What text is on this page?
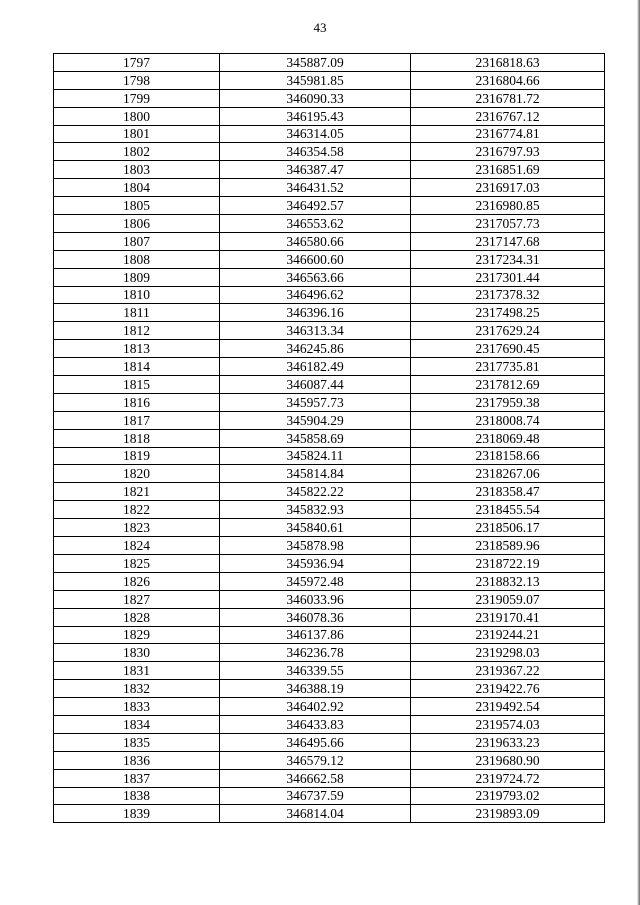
43
1797	345887.09	2316818.63
1798	345981.85	2316804.66
1799	346090.33	2316781.72
1800	346195.43	2316767.12
1801	346314.05	2316774.81
1802	346354.58	2316797.93
1803	346387.47	2316851.69
1804	346431.52	2316917.03
1805	346492.57	2316980.85
1806	346553.62	2317057.73
1807	346580.66	2317147.68
1808	346600.60	2317234.31
1809	346563.66	2317301.44
1810	346496.62	2317378.32
1811	346396.16	2317498.25
1812	346313.34	2317629.24
1813	346245.86	2317690.45
1814	346182.49	2317735.81
1815	346087.44	2317812.69
1816	345957.73	2317959.38
1817	345904.29	2318008.74
1818	345858.69	2318069.48
1819	345824.11	2318158.66
1820	345814.84	2318267.06
1821	345822.22	2318358.47
1822	345832.93	2318455.54
1823	345840.61	2318506.17
1824	345878.98	2318589.96
1825	345936.94	2318722.19
1826	345972.48	2318832.13
1827	346033.96	2319059.07
1828	346078.36	2319170.41
1829	346137.86	2319244.21
1830	346236.78	2319298.03
1831	346339.55	2319367.22
1832	346388.19	2319422.76
1833	346402.92	2319492.54
1834	346433.83	2319574.03
1835	346495.66	2319633.23
1836	346579.12	2319680.90
1837	346662.58	2319724.72
1838	346737.59	2319793.02
1839	346814.04	2319893.09
